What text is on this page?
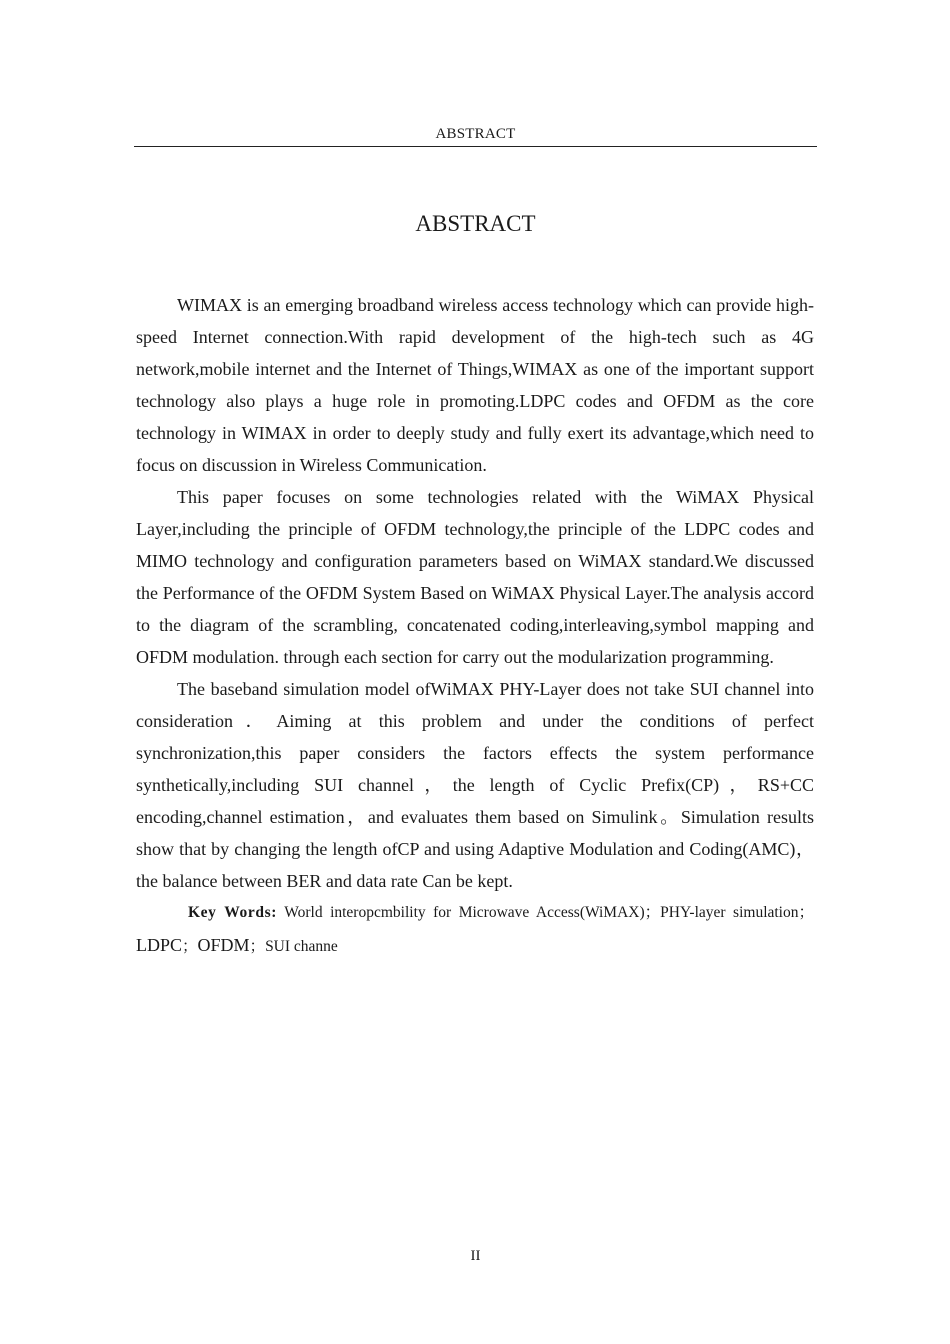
ABSTRACT
ABSTRACT

WIMAX is an emerging broadband wireless access technology which can provide high-speed Internet connection.With rapid development of the high-tech such as 4G network,mobile internet and the Internet of Things,WIMAX as one of the important support technology also plays a huge role in promoting.LDPC codes and OFDM as the core technology in WIMAX in order to deeply study and fully exert its advantage,which need to focus on discussion in Wireless Communication.

This paper focuses on some technologies related with the WiMAX Physical Layer,including the principle of OFDM technology,the principle of the LDPC codes and MIMO technology and configuration parameters based on WiMAX standard.We discussed the Performance of the OFDM System Based on WiMAX Physical Layer.The analysis accord to the diagram of the scrambling, concatenated coding,interleaving,symbol mapping and OFDM modulation. through each section for carry out the modularization programming.

The baseband simulation model ofWiMAX PHY-Layer does not take SUI channel into consideration．Aiming at this problem and under the conditions of perfect synchronization,this paper considers the factors effects the system performance synthetically,including SUI channel，the length of Cyclic Prefix(CP)，RS+CC encoding,channel estimation，and evaluates them based on Simulink。Simulation results show that by changing the length ofCP and using Adaptive Modulation and Coding(AMC)，the balance between BER and data rate Can be kept.

Key Words: World interopcmbility for Microwave Access(WiMAX)；PHY-layer simulation；LDPC；OFDM；SUI channe

II
